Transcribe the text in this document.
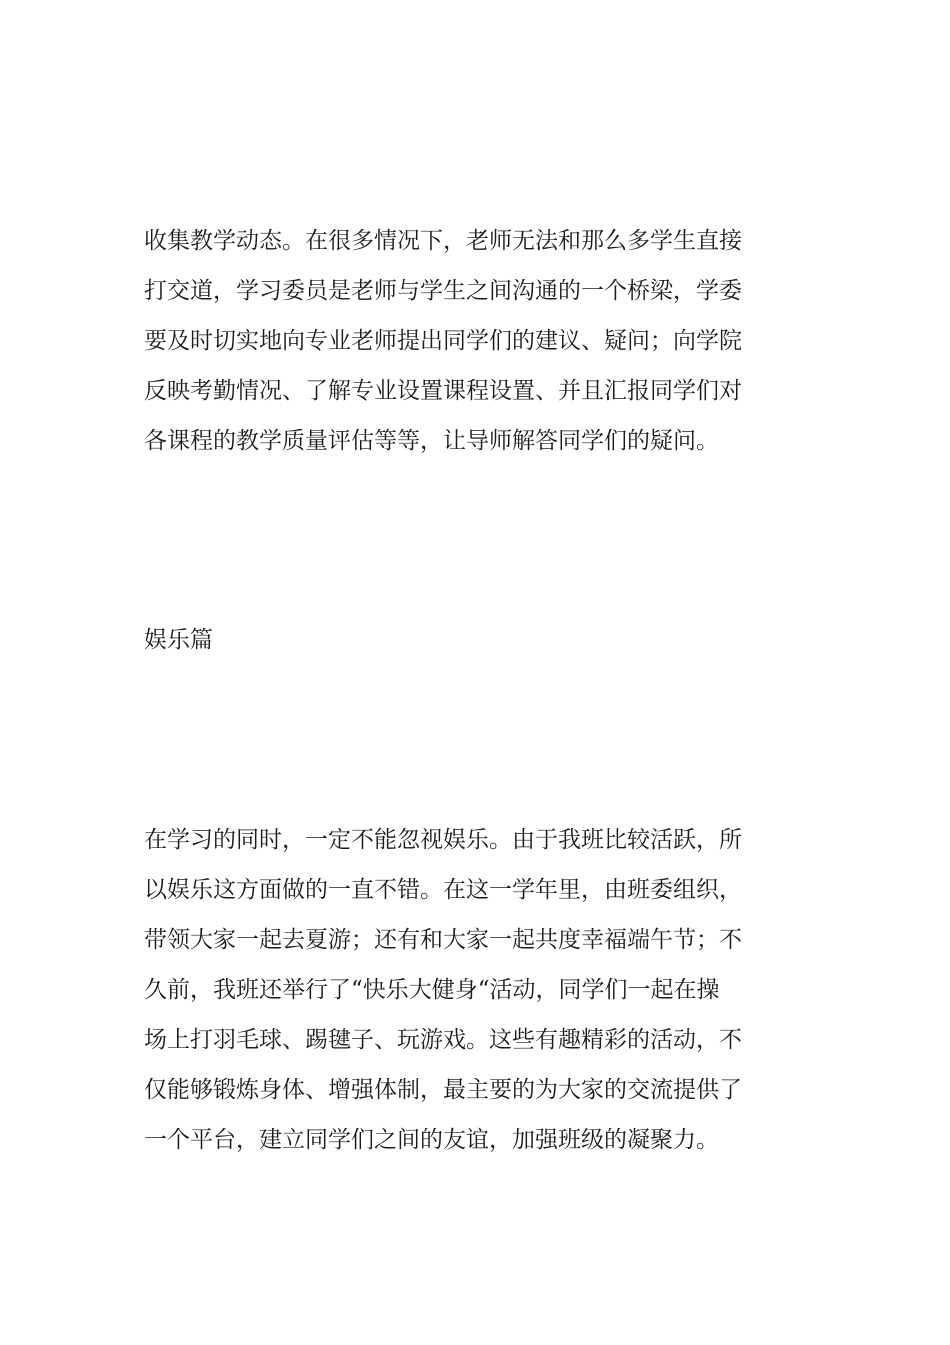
收集教学动态。在很多情况下，老师无法和那么多学生直接
打交道，学习委员是老师与学生之间沟通的一个桥梁，学委
要及时切实地向专业老师提出同学们的建议、疑问；向学院
反映考勤情况、了解专业设置课程设置、并且汇报同学们对
各课程的教学质量评估等等，让导师解答同学们的疑问。
娱乐篇
在学习的同时，一定不能忽视娱乐。由于我班比较活跃，所
以娱乐这方面做的一直不错。在这一学年里，由班委组织，
带领大家一起去夏游；还有和大家一起共度幸福端午节；不
久前，我班还举行了“快乐大健身“活动，同学们一起在操
场上打羽毛球、踢毽子、玩游戏。这些有趣精彩的活动，不
仅能够锻炼身体、增强体制，最主要的为大家的交流提供了
一个平台，建立同学们之间的友谊，加强班级的凝聚力。
